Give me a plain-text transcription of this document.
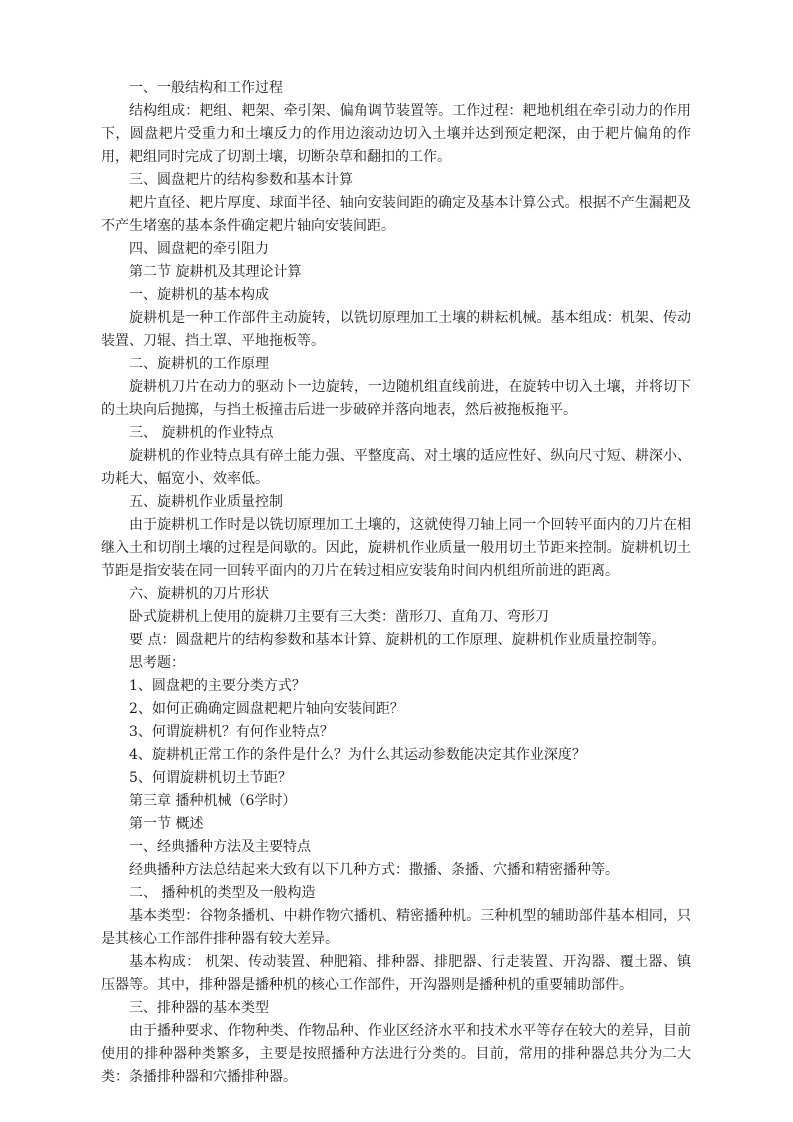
一、一般结构和工作过程

结构组成：耙组、耙架、牵引架、偏角调节装置等。工作过程：耙地机组在牵引动力的作用下，圆盘耙片受重力和土壤反力的作用边滚动边切入土壤并达到预定耙深，由于耙片偏角的作用，耙组同时完成了切割土壤，切断杂草和翻扣的工作。

三、圆盘耙片的结构参数和基本计算

耙片直径、耙片厚度、球面半径、轴向安装间距的确定及基本计算公式。根据不产生漏耙及不产生堵塞的基本条件确定耙片轴向安装间距。

四、圆盘耙的牵引阻力

第二节 旋耕机及其理论计算

一、旋耕机的基本构成

旋耕机是一种工作部件主动旋转，以铣切原理加工土壤的耕耘机械。基本组成：机架、传动装置、刀辊、挡土罩、平地拖板等。

二、旋耕机的工作原理

旋耕机刀片在动力的驱动卜一边旋转，一边随机组直线前进，在旋转中切入土壤，并将切下的土块向后抛掷，与挡土板撞击后进一步破碎并落向地表，然后被拖板拖平。

三、 旋耕机的作业特点

旋耕机的作业特点具有碎土能力强、平整度高、对土壤的适应性好、纵向尺寸短、耕深小、功耗大、幅宽小、效率低。

五、旋耕机作业质量控制

由于旋耕机工作时是以铣切原理加工土壤的，这就使得刀轴上同一个回转平面内的刀片在相继入土和切削土壤的过程是间歇的。因此，旋耕机作业质量一般用切土节距来控制。旋耕机切土节距是指安装在同一回转平面内的刀片在转过相应安装角时间内机组所前进的距离。

六、旋耕机的刀片形状

卧式旋耕机上使用的旋耕刀主要有三大类：凿形刀、直角刀、弯形刀

要 点：圆盘耙片的结构参数和基本计算、旋耕机的工作原理、旋耕机作业质量控制等。

思考题：

1、圆盘耙的主要分类方式？

2、如何正确确定圆盘耙耙片轴向安装间距？

3、何谓旋耕机？有何作业特点？

4、旋耕机正常工作的条件是什么？为什么其运动参数能决定其作业深度？

5、何谓旋耕机切土节距？

第三章 播种机械（6学时）

第一节 概述

一、经典播种方法及主要特点

经典播种方法总结起来大致有以下几种方式：撒播、条播、穴播和精密播种等。

二、 播种机的类型及一般构造

基本类型：谷物条播机、中耕作物穴播机、精密播种机。三种机型的辅助部件基本相同，只是其核心工作部件排种器有较大差异。

基本构成： 机架、传动装置、种肥箱、排种器、排肥器、行走装置、开沟器、覆土器、镇压器等。其中，排种器是播种机的核心工作部件，开沟器则是播种机的重要辅助部件。

三、排种器的基本类型

由于播种要求、作物种类、作物品种、作业区经济水平和技术水平等存在较大的差异，目前使用的排种器种类繁多，主要是按照播种方法进行分类的。目前，常用的排种器总共分为二大类：条播排种器和穴播排种器。
